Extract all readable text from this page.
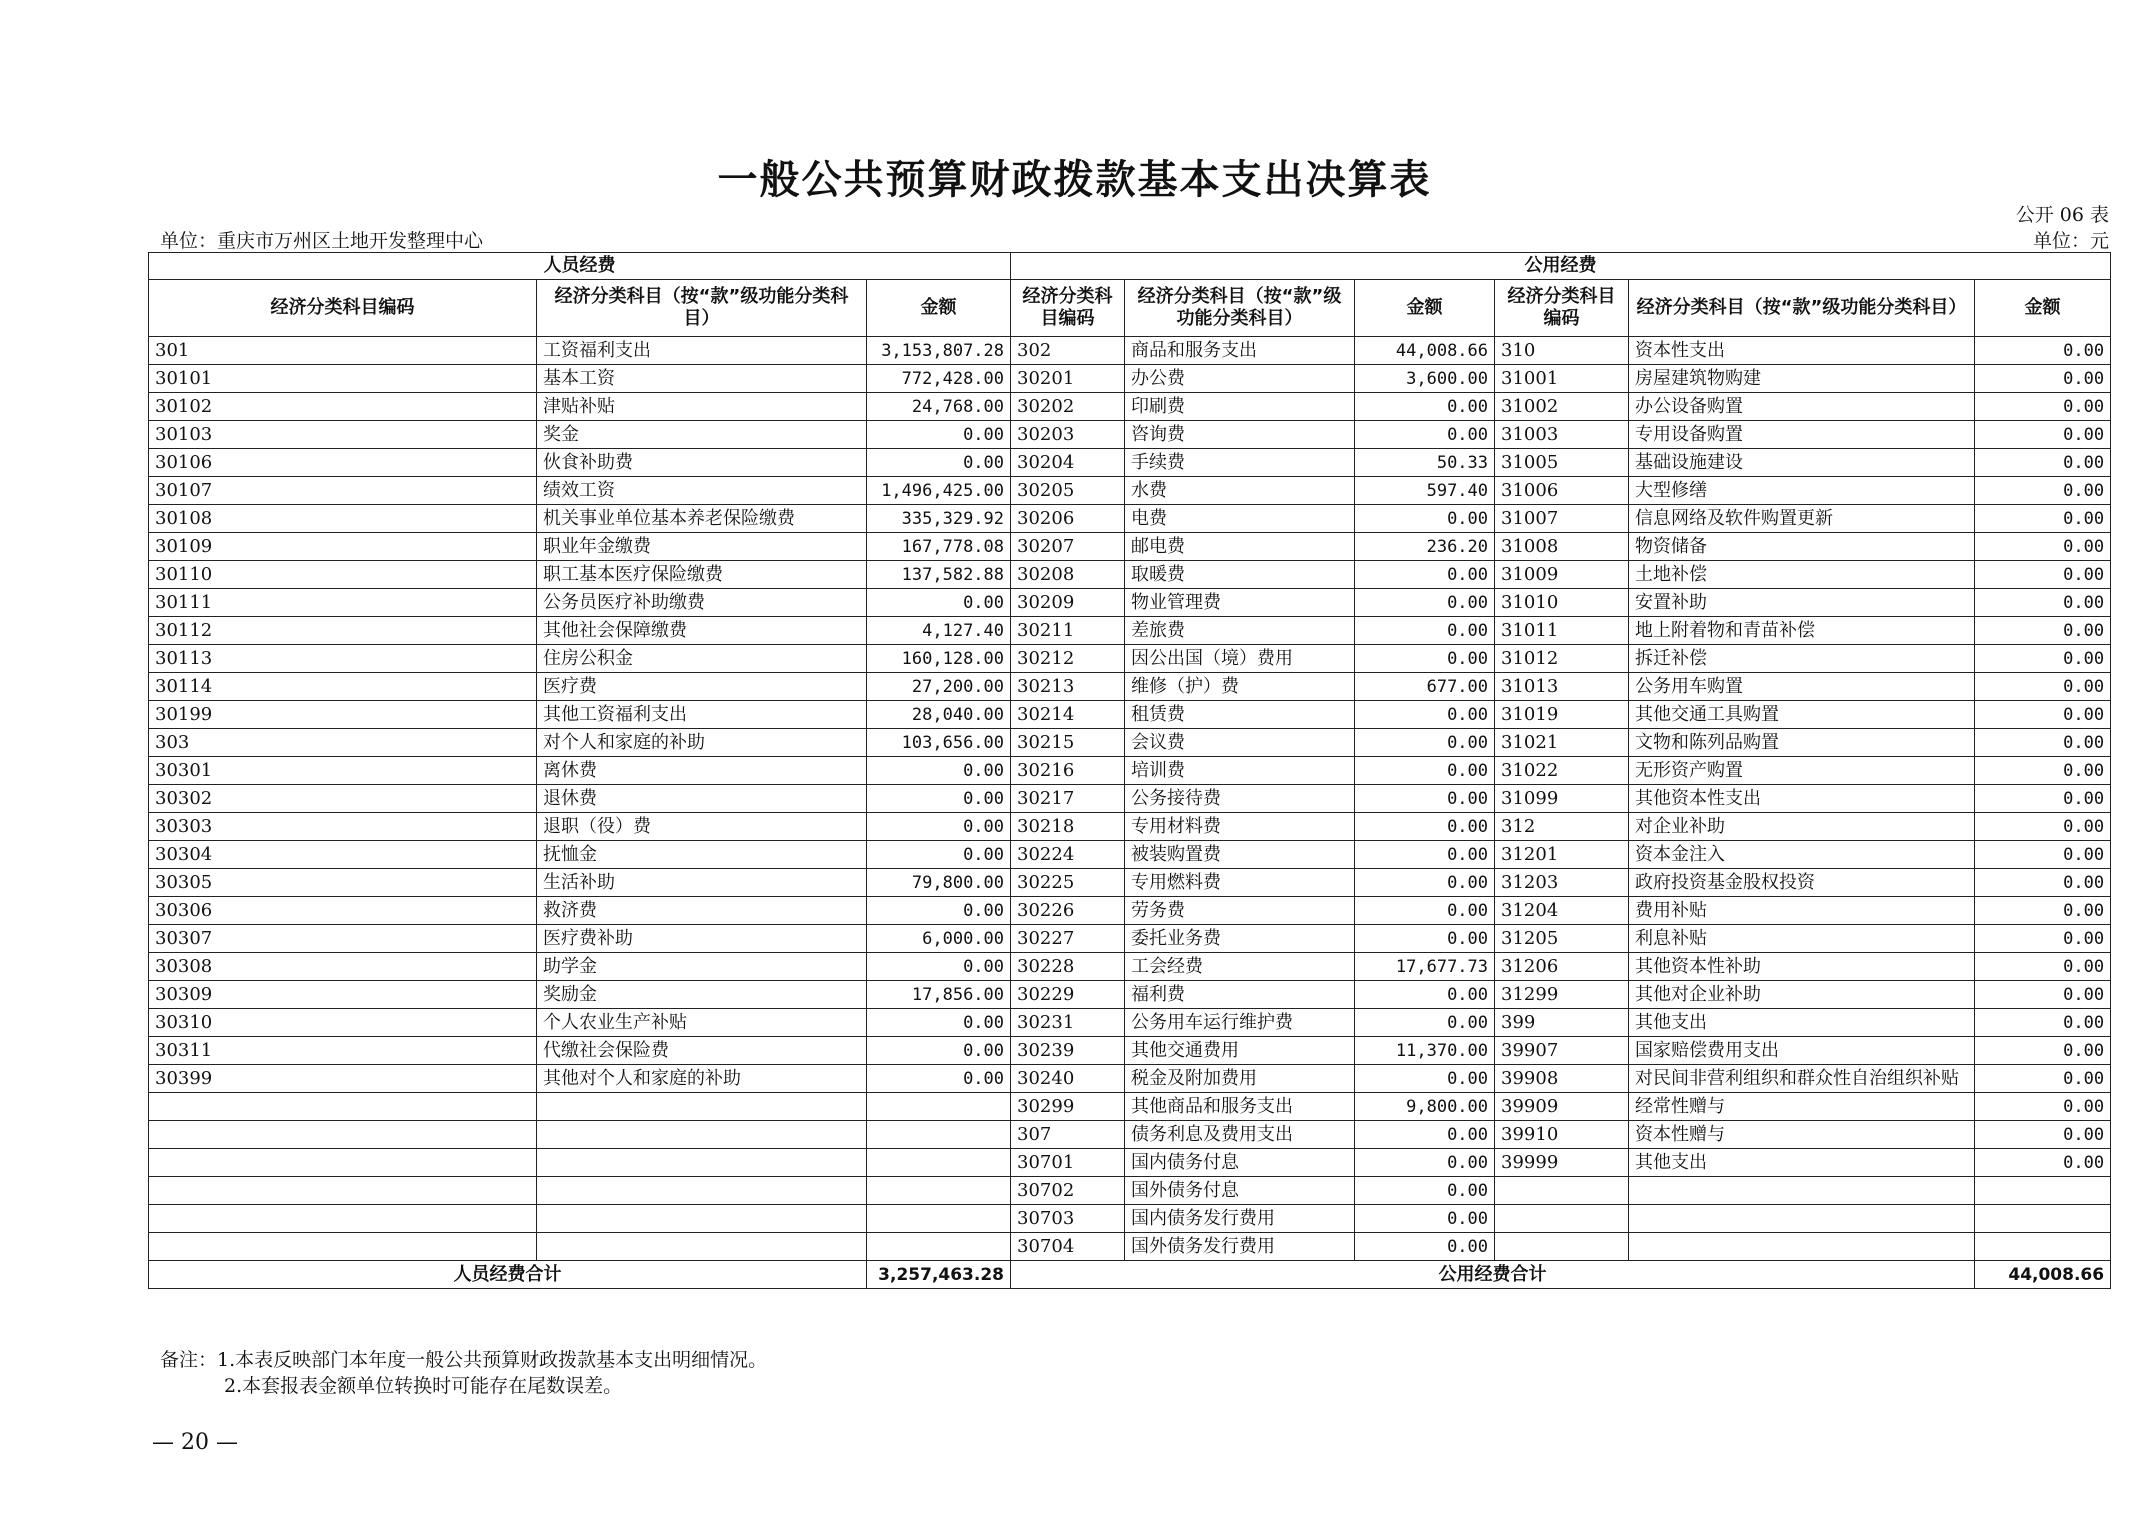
一般公共预算财政拨款基本支出决算表
公开 06 表
单位：重庆市万州区土地开发整理中心	单位：元
人员经费			公用经费					
经济分类科目编码	经济分类科目（按“款”级功能分类科目）	金额	经济分类科目编码	经济分类科目（按“款”级功能分类科目）	金额	经济分类科目编码	经济分类科目（按“款”级功能分类科目）	金额
301	工资福利支出	3,153,807.28	302	商品和服务支出	44,008.66	310	资本性支出	0.00
30101	基本工资	772,428.00	30201	办公费	3,600.00	31001	房屋建筑物购建	0.00
30102	津贴补贴	24,768.00	30202	印刷费	0.00	31002	办公设备购置	0.00
30103	奖金	0.00	30203	咨询费	0.00	31003	专用设备购置	0.00
30106	伙食补助费	0.00	30204	手续费	50.33	31005	基础设施建设	0.00
30107	绩效工资	1,496,425.00	30205	水费	597.40	31006	大型修缮	0.00
30108	机关事业单位基本养老保险缴费	335,329.92	30206	电费	0.00	31007	信息网络及软件购置更新	0.00
30109	职业年金缴费	167,778.08	30207	邮电费	236.20	31008	物资储备	0.00
30110	职工基本医疗保险缴费	137,582.88	30208	取暖费	0.00	31009	土地补偿	0.00
30111	公务员医疗补助缴费	0.00	30209	物业管理费	0.00	31010	安置补助	0.00
30112	其他社会保障缴费	4,127.40	30211	差旅费	0.00	31011	地上附着物和青苗补偿	0.00
30113	住房公积金	160,128.00	30212	因公出国（境）费用	0.00	31012	拆迁补偿	0.00
30114	医疗费	27,200.00	30213	维修（护）费	677.00	31013	公务用车购置	0.00
30199	其他工资福利支出	28,040.00	30214	租赁费	0.00	31019	其他交通工具购置	0.00
303	对个人和家庭的补助	103,656.00	30215	会议费	0.00	31021	文物和陈列品购置	0.00
30301	离休费	0.00	30216	培训费	0.00	31022	无形资产购置	0.00
30302	退休费	0.00	30217	公务接待费	0.00	31099	其他资本性支出	0.00
30303	退职（役）费	0.00	30218	专用材料费	0.00	312	对企业补助	0.00
30304	抚恤金	0.00	30224	被装购置费	0.00	31201	资本金注入	0.00
30305	生活补助	79,800.00	30225	专用燃料费	0.00	31203	政府投资基金股权投资	0.00
30306	救济费	0.00	30226	劳务费	0.00	31204	费用补贴	0.00
30307	医疗费补助	6,000.00	30227	委托业务费	0.00	31205	利息补贴	0.00
30308	助学金	0.00	30228	工会经费	17,677.73	31206	其他资本性补助	0.00
30309	奖励金	17,856.00	30229	福利费	0.00	31299	其他对企业补助	0.00
30310	个人农业生产补贴	0.00	30231	公务用车运行维护费	0.00	399	其他支出	0.00
30311	代缴社会保险费	0.00	30239	其他交通费用	11,370.00	39907	国家赔偿费用支出	0.00
30399	其他对个人和家庭的补助	0.00	30240	税金及附加费用	0.00	39908	对民间非营利组织和群众性自治组织补贴	0.00
			30299	其他商品和服务支出	9,800.00	39909	经常性赠与	0.00
			307	债务利息及费用支出	0.00	39910	资本性赠与	0.00
			30701	国内债务付息	0.00	39999	其他支出	0.00
			30702	国外债务付息	0.00			
			30703	国内债务发行费用	0.00			
			30704	国外债务发行费用	0.00			
人员经费合计		3,257,463.28	公用经费合计					44,008.66
备注：1.本表反映部门本年度一般公共预算财政拨款基本支出明细情况。
2.本套报表金额单位转换时可能存在尾数误差。
— 20 —
